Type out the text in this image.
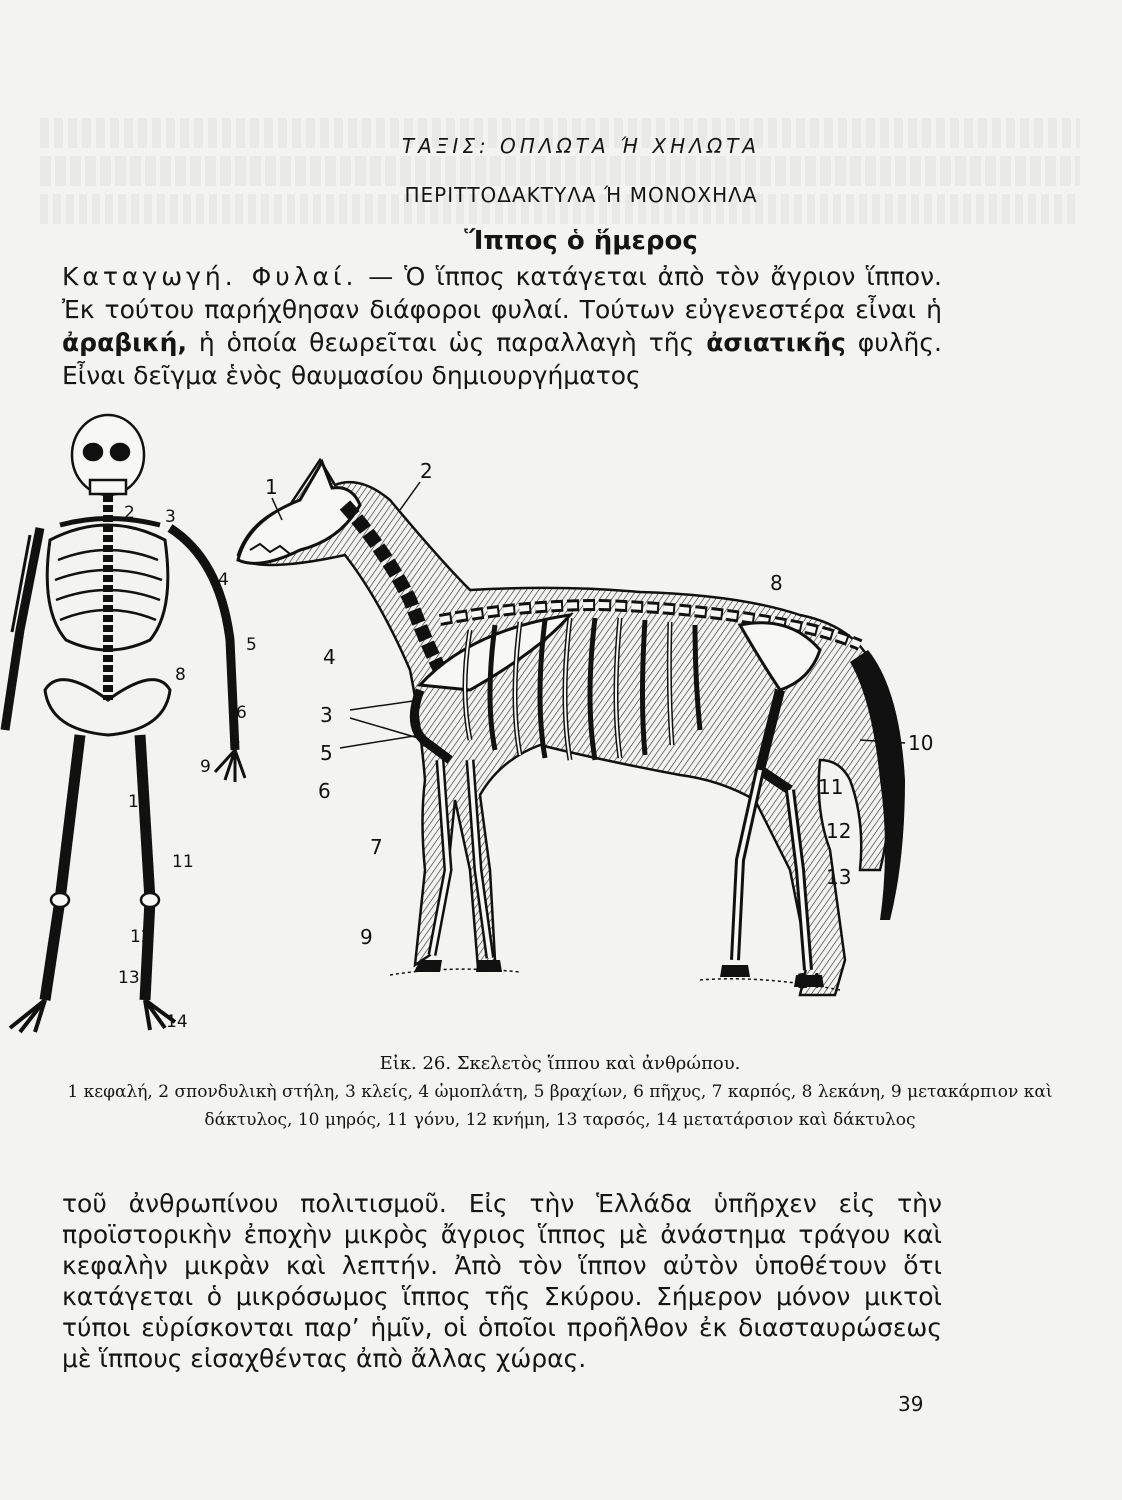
ΤΑΞΙΣ: ΟΠΛΩΤΑ Ή ΧΗΛΩΤΑ
ΠΕΡΙΤΤΟΔΑΚΤΥΛΑ Ή ΜΟΝΟΧΗΛΑ
Ἵππος ὁ ἥμερος
Καταγωγή. Φυλαί. — Ὁ ἵππος κατάγεται ἀπὸ τὸν ἄγριον ἵππον. Ἐκ τούτου παρήχθησαν διάφοροι φυλαί. Τούτων εὐγενεστέρα εἶναι ἡ ἀραβική, ἡ ὁποία θεωρεῖται ὡς παραλλαγὴ τῆς ἀσιατικῆς φυλῆς. Εἶναι δεῖγμα ἑνὸς θαυμασίου δημιουργήματος
2 3
4
5
6
7
8
9
10
11
12
13
14
1
2
3
4
5
6
7
8
9
10
11
12
13
14
Εἰκ. 26. Σκελετὸς ἵππου καὶ ἀνθρώπου.
1 κεφαλή, 2 σπονδυλικὴ στήλη, 3 κλείς, 4 ὠμοπλάτη, 5 βραχίων, 6 πῆχυς, 7 καρπός, 8 λεκάνη, 9 μετακάρπιον καὶ δάκτυλος, 10 μηρός, 11 γόνυ, 12 κνήμη, 13 ταρσός, 14 μετατάρσιον καὶ δάκτυλος
τοῦ ἀνθρωπίνου πολιτισμοῦ. Εἰς τὴν Ἑλλάδα ὑπῆρχεν εἰς τὴν προϊστορικὴν ἐποχὴν μικρὸς ἄγριος ἵππος μὲ ἀνάστημα τράγου καὶ κεφαλὴν μικρὰν καὶ λεπτήν. Ἀπὸ τὸν ἵππον αὐτὸν ὑποθέτουν ὅτι κατάγεται ὁ μικρόσωμος ἵππος τῆς Σκύρου. Σήμερον μόνον μικτοὶ τύποι εὑρίσκονται παρ’ ἡμῖν, οἱ ὁποῖοι προῆλθον ἐκ διασταυρώσεως μὲ ἵππους εἰσαχθέντας ἀπὸ ἄλλας χώρας.
39
